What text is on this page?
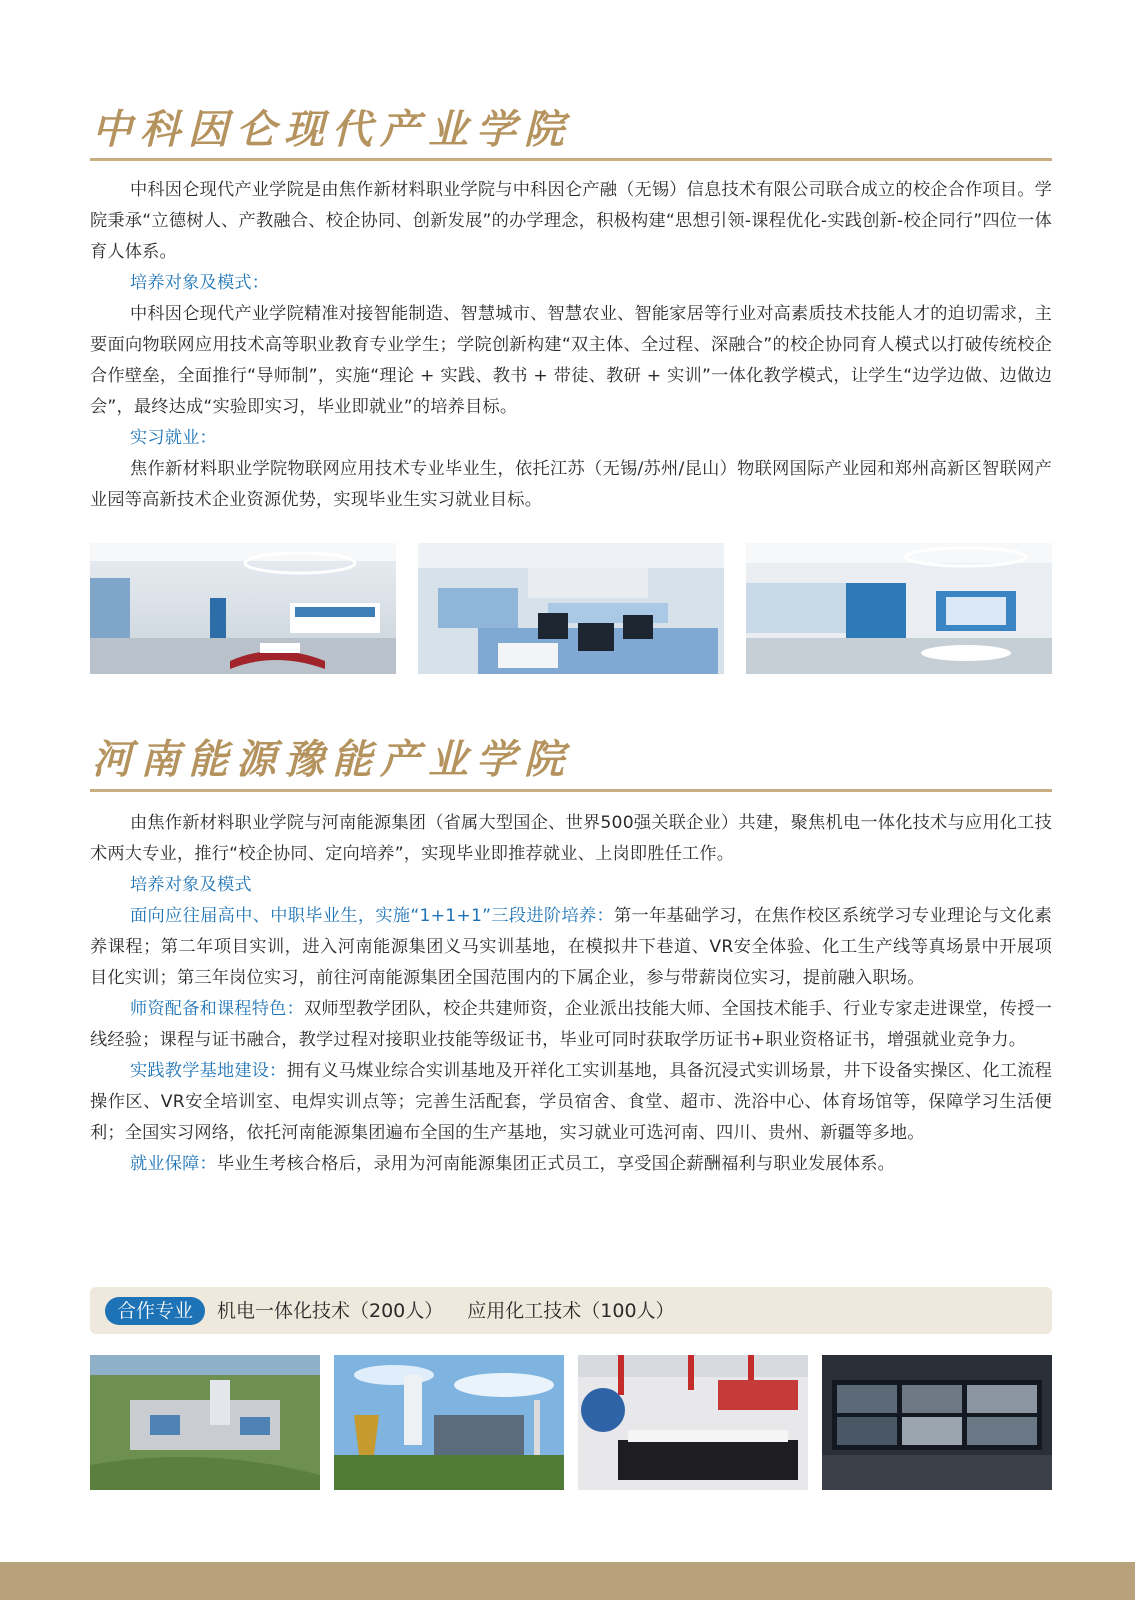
中科因仑现代产业学院

中科因仑现代产业学院是由焦作新材料职业学院与中科因仑产融（无锡）信息技术有限公司联合成立的校企合作项目。学院秉承“立德树人、产教融合、校企协同、创新发展”的办学理念，积极构建“思想引领-课程优化-实践创新-校企同行”四位一体育人体系。

培养对象及模式：

中科因仑现代产业学院精准对接智能制造、智慧城市、智慧农业、智能家居等行业对高素质技术技能人才的迫切需求，主要面向物联网应用技术高等职业教育专业学生；学院创新构建“双主体、全过程、深融合”的校企协同育人模式以打破传统校企合作壁垒，全面推行“导师制”，实施“理论 + 实践、教书 + 带徒、教研 + 实训”一体化教学模式，让学生“边学边做、边做边会”，最终达成“实验即实习，毕业即就业”的培养目标。

实习就业：

焦作新材料职业学院物联网应用技术专业毕业生，依托江苏（无锡/苏州/昆山）物联网国际产业园和郑州高新区智联网产业园等高新技术企业资源优势，实现毕业生实习就业目标。

河南能源豫能产业学院

由焦作新材料职业学院与河南能源集团（省属大型国企、世界500强关联企业）共建，聚焦机电一体化技术与应用化工技术两大专业，推行“校企协同、定向培养”，实现毕业即推荐就业、上岗即胜任工作。

培养对象及模式

面向应往届高中、中职毕业生，实施“1+1+1”三段进阶培养：第一年基础学习，在焦作校区系统学习专业理论与文化素养课程；第二年项目实训，进入河南能源集团义马实训基地，在模拟井下巷道、VR安全体验、化工生产线等真场景中开展项目化实训；第三年岗位实习，前往河南能源集团全国范围内的下属企业，参与带薪岗位实习，提前融入职场。

师资配备和课程特色：双师型教学团队，校企共建师资，企业派出技能大师、全国技术能手、行业专家走进课堂，传授一线经验；课程与证书融合，教学过程对接职业技能等级证书，毕业可同时获取学历证书+职业资格证书，增强就业竞争力。

实践教学基地建设：拥有义马煤业综合实训基地及开祥化工实训基地，具备沉浸式实训场景，井下设备实操区、化工流程操作区、VR安全培训室、电焊实训点等；完善生活配套，学员宿舍、食堂、超市、洗浴中心、体育场馆等，保障学习生活便利；全国实习网络，依托河南能源集团遍布全国的生产基地，实习就业可选河南、四川、贵州、新疆等多地。

就业保障：毕业生考核合格后，录用为河南能源集团正式员工，享受国企薪酬福利与职业发展体系。

合作专业	机电一体化技术（200人） 应用化工技术（100人）
